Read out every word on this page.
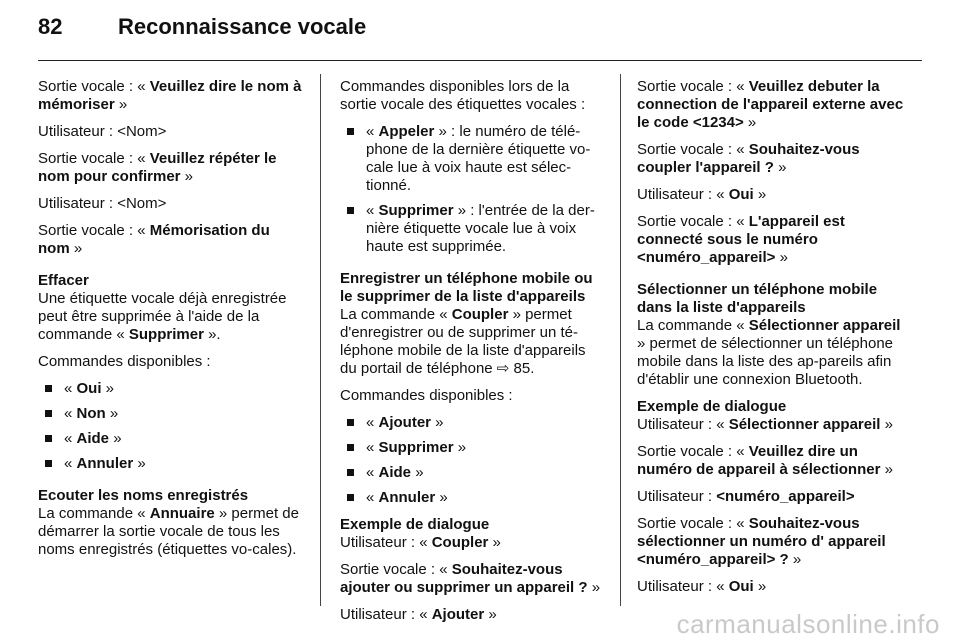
82	Reconnaissance vocale

Sortie vocale : « Veuillez dire le nom à mémoriser »

Utilisateur : <Nom>

Sortie vocale : « Veuillez répéter le nom pour confirmer »

Utilisateur : <Nom>

Sortie vocale : « Mémorisation du nom »

Effacer

Une étiquette vocale déjà enregistrée peut être supprimée à l'aide de la commande « Supprimer ».

Commandes disponibles :

« Oui »
« Non »
« Aide »
« Annuler »

Ecouter les noms enregistrés

La commande « Annuaire » permet de démarrer la sortie vocale de tous les noms enregistrés (étiquettes vo-cales).

Commandes disponibles lors de la sortie vocale des étiquettes vocales :

« Appeler » : le numéro de télé-phone de la dernière étiquette vo-cale lue à voix haute est sélec-tionné.
« Supprimer » : l'entrée de la der-nière étiquette vocale lue à voix haute est supprimée.

Enregistrer un téléphone mobile ou le supprimer de la liste d'appareils

La commande « Coupler » permet d'enregistrer ou de supprimer un té-léphone mobile de la liste d'appareils du portail de téléphone ⇨ 85.

Commandes disponibles :

« Ajouter »
« Supprimer »
« Aide »
« Annuler »

Exemple de dialogue

Utilisateur : « Coupler »

Sortie vocale : « Souhaitez-vous ajouter ou supprimer un appareil ? »

Utilisateur : « Ajouter »

Sortie vocale : « Veuillez debuter la connection de l'appareil externe avec le code <1234> »

Sortie vocale : « Souhaitez-vous coupler l'appareil ? »

Utilisateur : « Oui »

Sortie vocale : « L'appareil est connecté sous le numéro <numéro_appareil> »

Sélectionner un téléphone mobile dans la liste d'appareils

La commande « Sélectionner appareil » permet de sélectionner un téléphone mobile dans la liste des ap-pareils afin d'établir une connexion Bluetooth.

Exemple de dialogue

Utilisateur : « Sélectionner appareil »

Sortie vocale : « Veuillez dire un numéro de appareil à sélectionner »

Utilisateur : <numéro_appareil>

Sortie vocale : « Souhaitez-vous sélectionner un numéro d' appareil <numéro_appareil> ? »

Utilisateur : « Oui »

carmanualsonline.info
